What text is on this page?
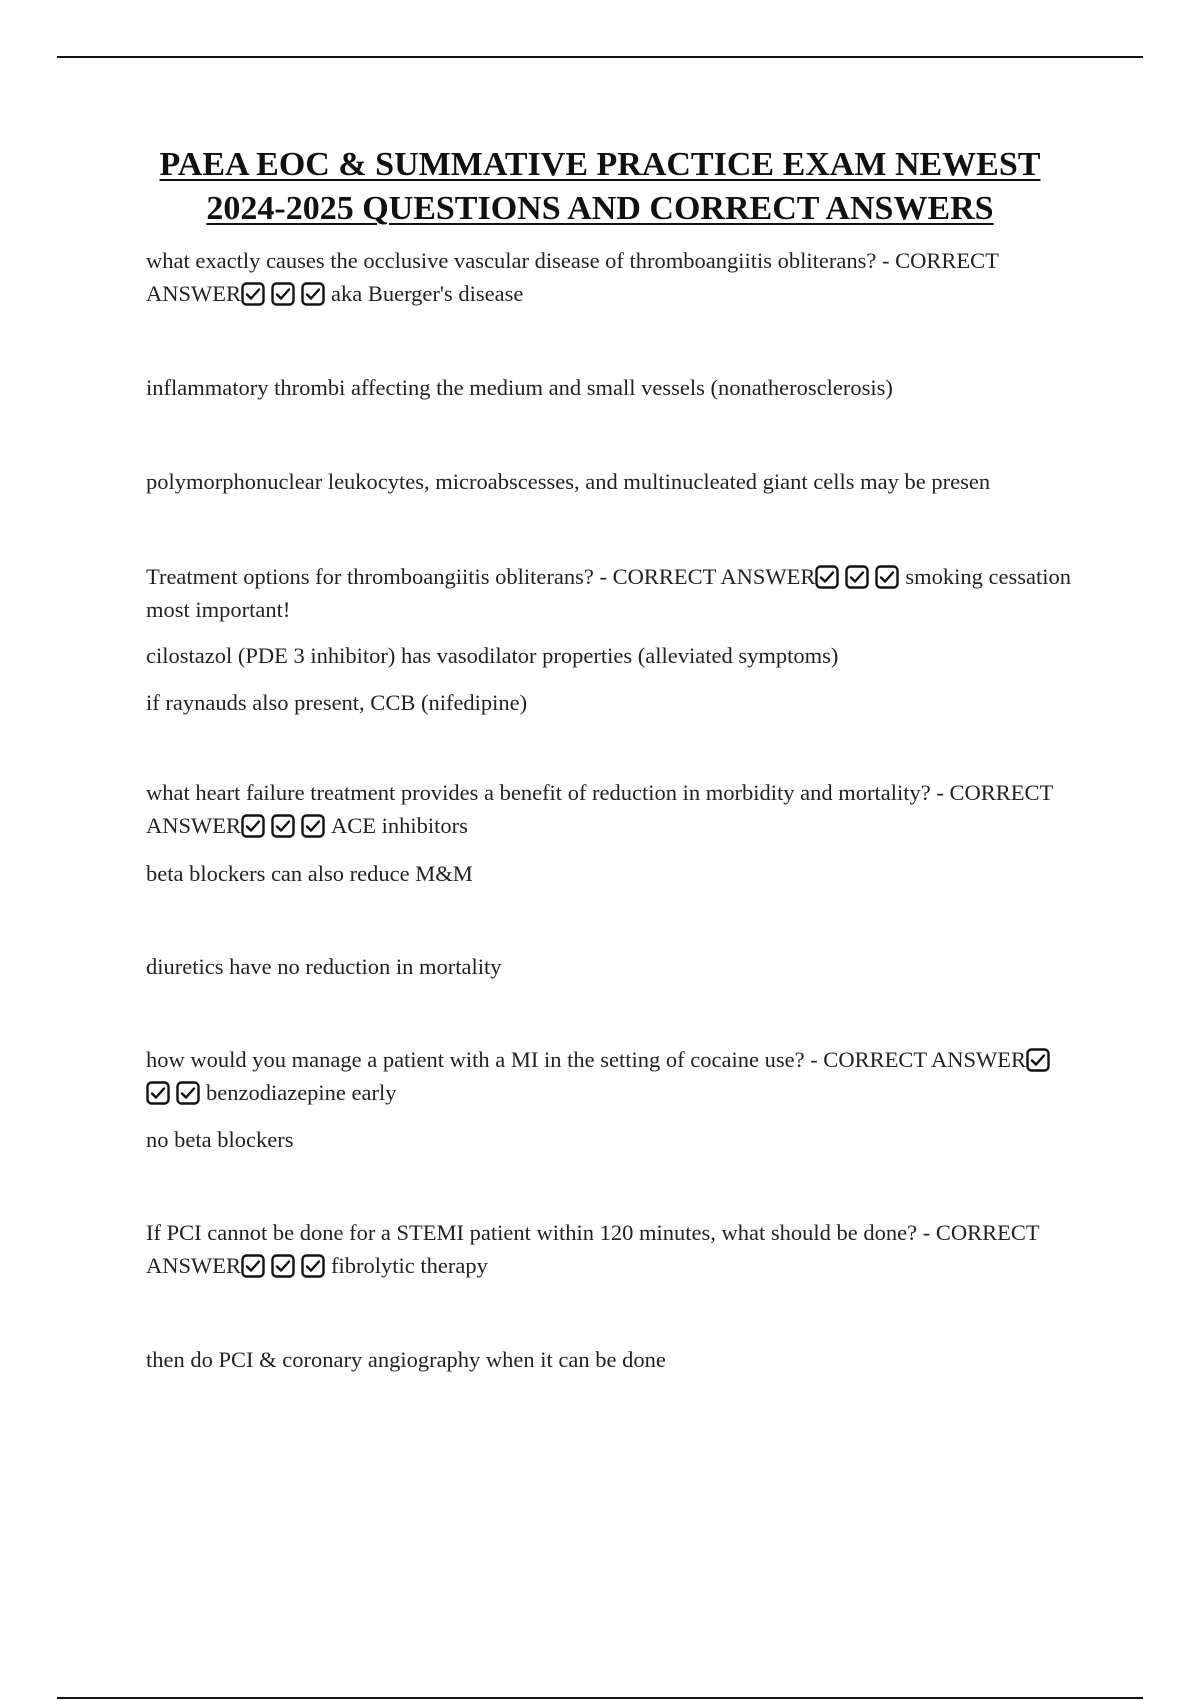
PAEA EOC & SUMMATIVE PRACTICE EXAM NEWEST
2024-2025 QUESTIONS AND CORRECT ANSWERS
what exactly causes the occlusive vascular disease of thromboangiitis obliterans? - CORRECT ANSWER	aka Buerger's disease
inflammatory thrombi affecting the medium and small vessels (nonatherosclerosis)
polymorphonuclear leukocytes, microabscesses, and multinucleated giant cells may be presen
Treatment options for thromboangiitis obliterans? - CORRECT ANSWER	smoking cessation most important!
cilostazol (PDE 3 inhibitor) has vasodilator properties (alleviated symptoms)
if raynauds also present, CCB (nifedipine)
what heart failure treatment provides a benefit of reduction in morbidity and mortality? - CORRECT ANSWER	ACE inhibitors
beta blockers can also reduce M&M
diuretics have no reduction in mortality
how would you manage a patient with a MI in the setting of cocaine use? - CORRECT ANSWERbenzodiazepine early
no beta blockers
If PCI cannot be done for a STEMI patient within 120 minutes, what should be done? - CORRECT ANSWER	fibrolytic therapy
then do PCI & coronary angiography when it can be done
